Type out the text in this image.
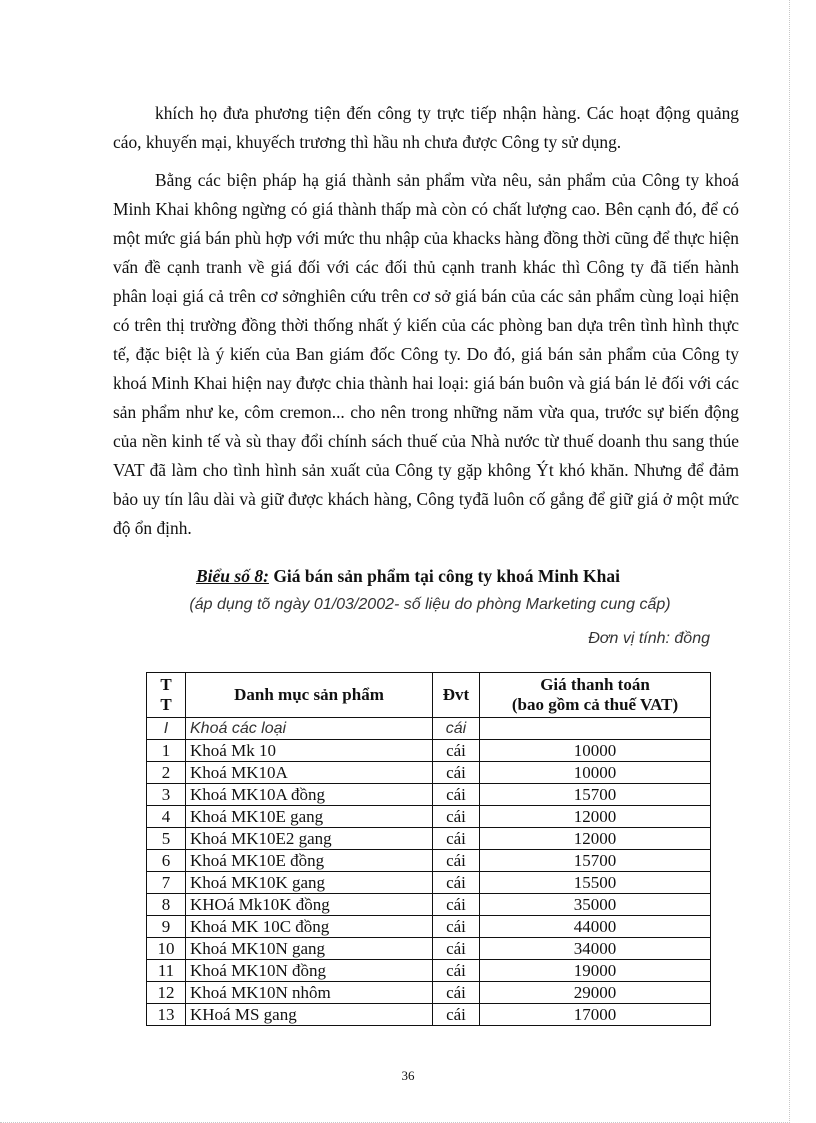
khích họ đưa phương tiện đến công ty trực tiếp nhận hàng. Các hoạt động quảng cáo, khuyến mại, khuyếch trương thì hầu nh chưa được Công ty sử dụng.

Bằng các biện pháp hạ giá thành sản phẩm vừa nêu, sản phẩm của Công ty khoá Minh Khai không ngừng có giá thành thấp mà còn có chất lượng cao. Bên cạnh đó, để có một mức giá bán phù hợp với mức thu nhập của khacks hàng đồng thời cũng để thực hiện vấn đề cạnh tranh về giá đối với các đối thủ cạnh tranh khác thì Công ty đã tiến hành phân loại giá cả trên cơ sởnghiên cứu trên cơ sở giá bán của các sản phẩm cùng loại hiện có trên thị trường đồng thời thống nhất ý kiến của các phòng ban dựa trên tình hình thực tế, đặc biệt là ý kiến của Ban giám đốc Công ty. Do đó, giá bán sản phẩm của Công ty khoá Minh Khai hiện nay được chia thành hai loại: giá bán buôn và giá bán lẻ đối với các sản phẩm như ke, côm cremon... cho nên trong những năm vừa qua, trước sự biến động của nền kinh tế và sù thay đổi chính sách thuế của Nhà nước từ thuế doanh thu sang thúe VAT đã làm cho tình hình sản xuất của Công ty gặp không Ýt khó khăn. Nhưng để đảm bảo uy tín lâu dài và giữ được khách hàng, Công tyđã luôn cố gắng để giữ giá ở một mức độ ổn định.

Biểu số 8: Giá bán sản phẩm tại công ty khoá Minh Khai
(áp dụng tõ ngày 01/03/2002- số liệu do phòng Marketing cung cấp)
Đơn vị tính: đồng
T
T	Danh mục sản phẩm	Đvt	Giá thanh toán
(bao gồm cả thuế VAT)
I	Khoá các loại	cái	
1	Khoá Mk 10	cái	10000
2	Khoá MK10A	cái	10000
3	Khoá MK10A đồng	cái	15700
4	Khoá MK10E gang	cái	12000
5	Khoá MK10E2 gang	cái	12000
6	Khoá MK10E đồng	cái	15700
7	Khoá MK10K gang	cái	15500
8	KHOá Mk10K đồng	cái	35000
9	Khoá MK 10C đồng	cái	44000
10	Khoá MK10N gang	cái	34000
11	Khoá MK10N đồng	cái	19000
12	Khoá MK10N nhôm	cái	29000
13	KHoá MS gang	cái	17000
36
